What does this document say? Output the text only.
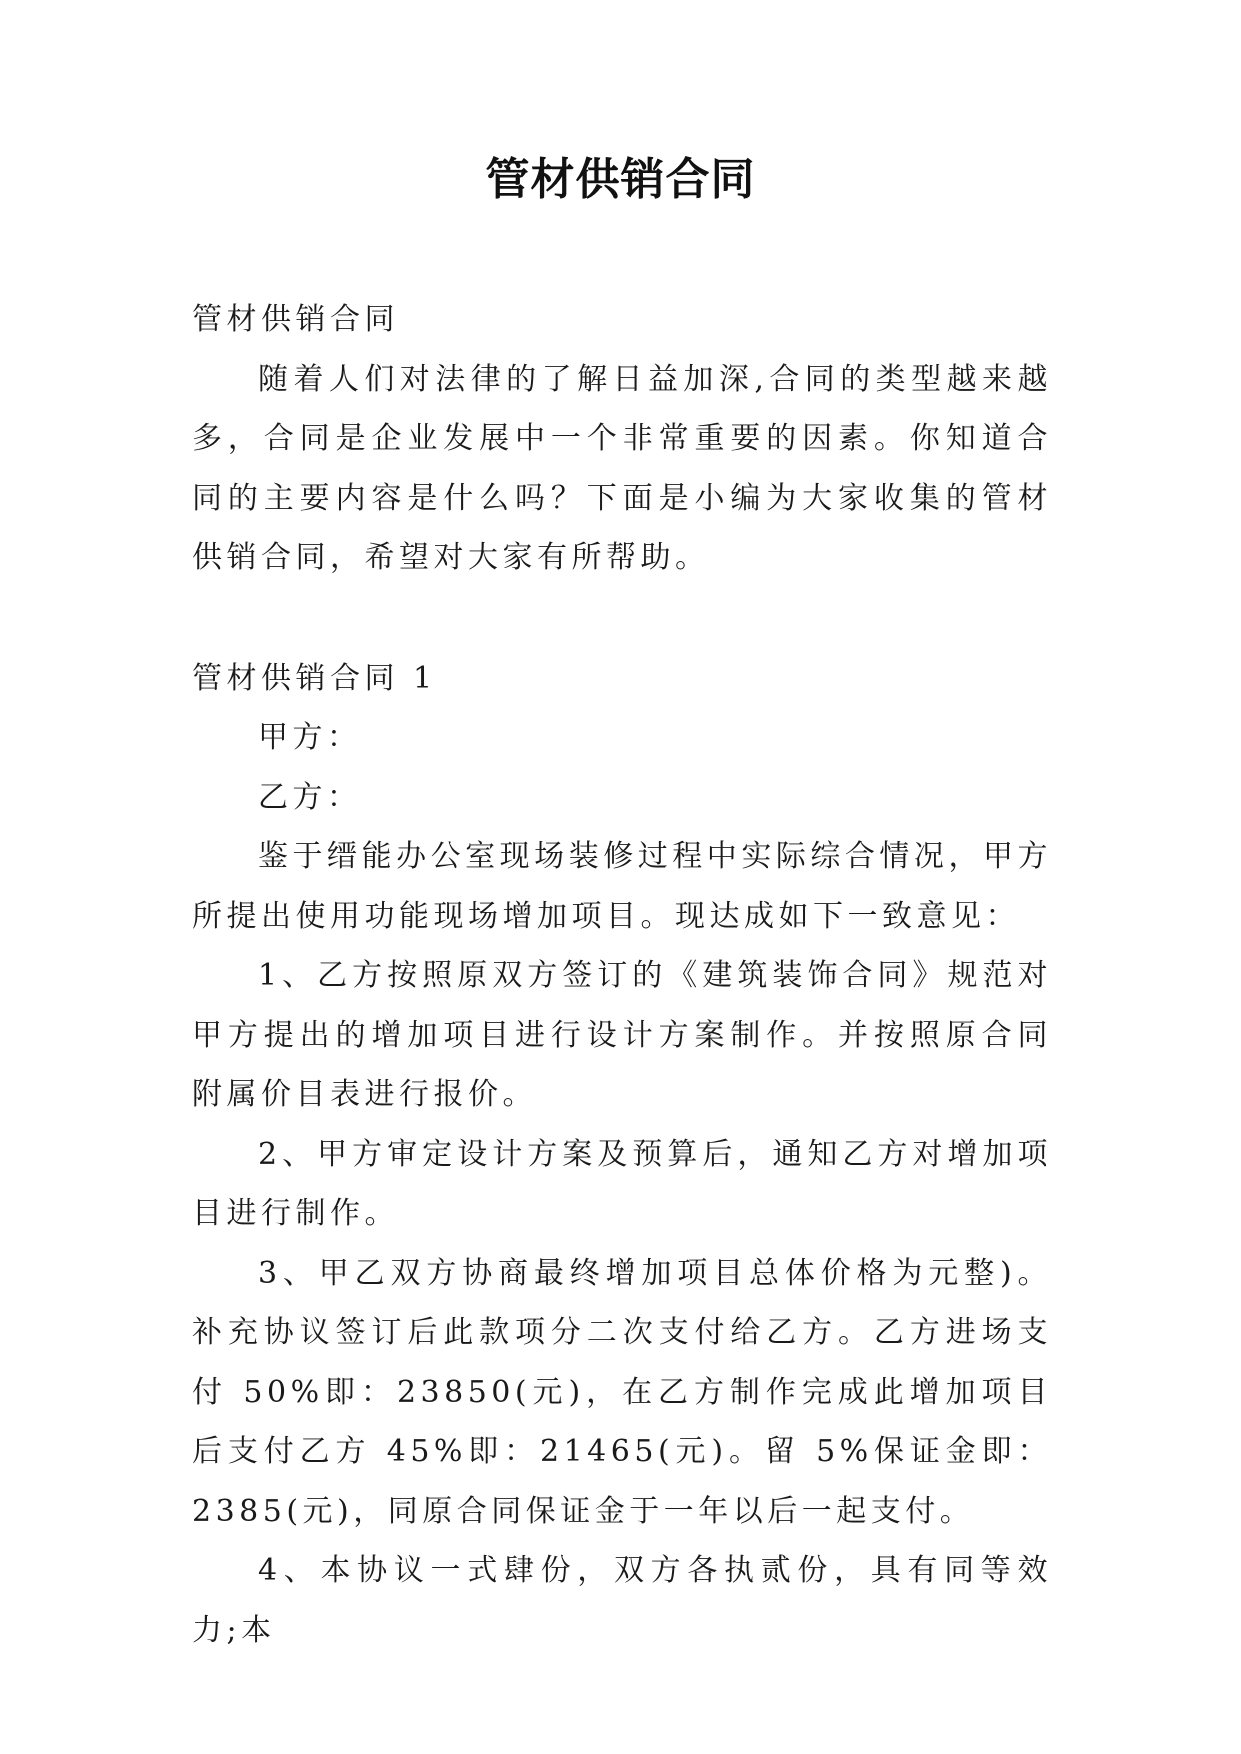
管材供销合同

管材供销合同

随着人们对法律的了解日益加深,合同的类型越来越多，合同是企业发展中一个非常重要的因素。你知道合同的主要内容是什么吗？下面是小编为大家收集的管材供销合同，希望对大家有所帮助。

管材供销合同 1

甲方：

乙方：

鉴于缙能办公室现场装修过程中实际综合情况，甲方所提出使用功能现场增加项目。现达成如下一致意见：

1、乙方按照原双方签订的《建筑装饰合同》规范对甲方提出的增加项目进行设计方案制作。并按照原合同附属价目表进行报价。

2、甲方审定设计方案及预算后，通知乙方对增加项目进行制作。

3、甲乙双方协商最终增加项目总体价格为元整)。补充协议签订后此款项分二次支付给乙方。乙方进场支付 50%即：23850(元)，在乙方制作完成此增加项目后支付乙方 45%即：21465(元)。留 5%保证金即：2385(元)，同原合同保证金于一年以后一起支付。

4、本协议一式肆份，双方各执贰份，具有同等效力;本
